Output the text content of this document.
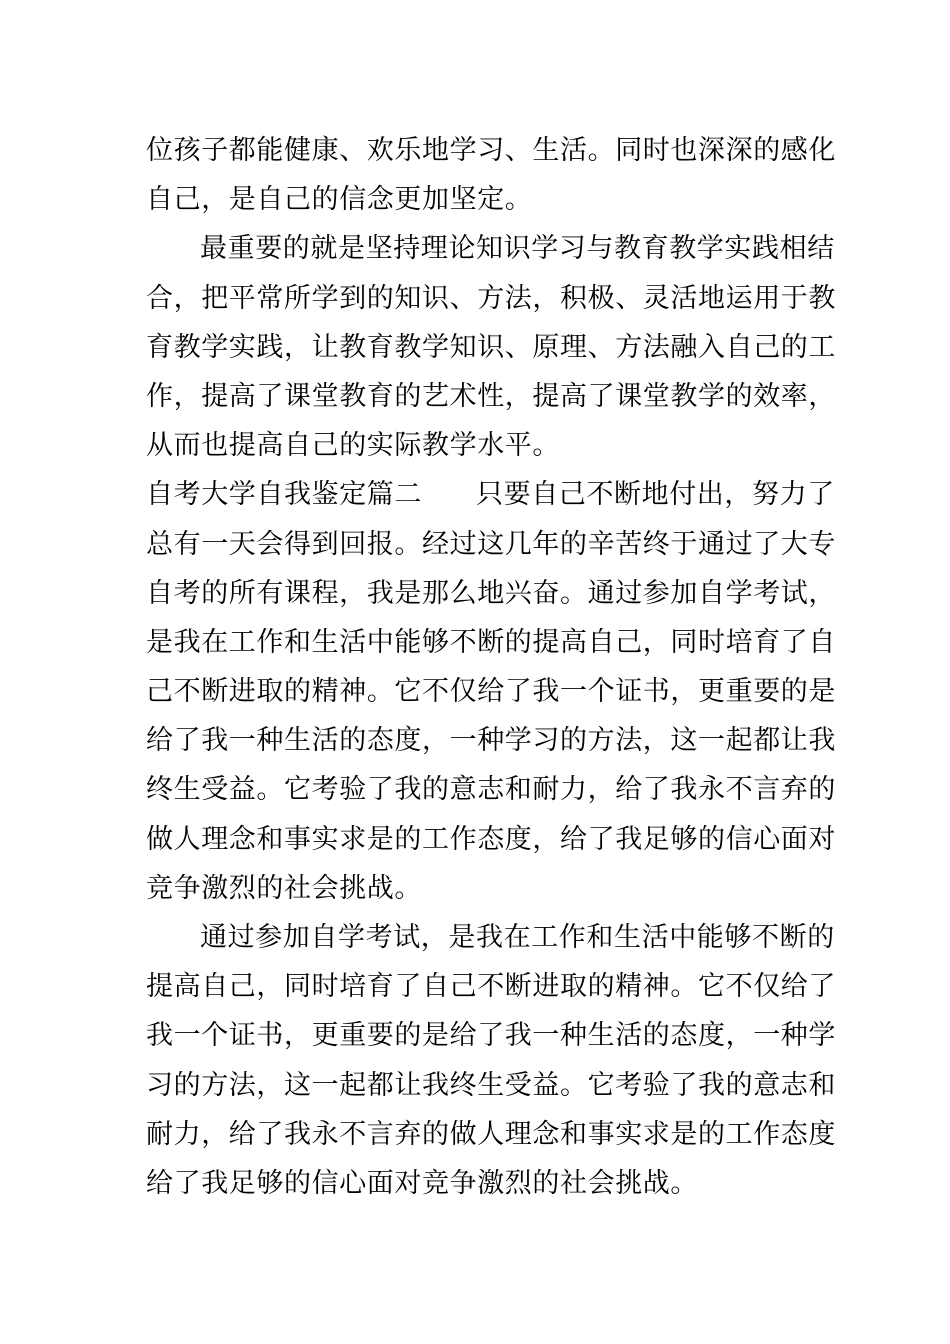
位孩子都能健康、欢乐地学习、生活。同时也深深的感化
自己，是自己的信念更加坚定。
最重要的就是坚持理论知识学习与教育教学实践相结
合，把平常所学到的知识、方法，积极、灵活地运用于教
育教学实践，让教育教学知识、原理、方法融入自己的工
作，提高了课堂教育的艺术性，提高了课堂教学的效率，
从而也提高自己的实际教学水平。
自考大学自我鉴定篇二 只要自己不断地付出，努力了
总有一天会得到回报。经过这几年的辛苦终于通过了大专
自考的所有课程，我是那么地兴奋。通过参加自学考试，
是我在工作和生活中能够不断的提高自己，同时培育了自
己不断进取的精神。它不仅给了我一个证书，更重要的是
给了我一种生活的态度，一种学习的方法，这一起都让我
终生受益。它考验了我的意志和耐力，给了我永不言弃的
做人理念和事实求是的工作态度，给了我足够的信心面对
竞争激烈的社会挑战。
通过参加自学考试，是我在工作和生活中能够不断的
提高自己，同时培育了自己不断进取的精神。它不仅给了
我一个证书，更重要的是给了我一种生活的态度，一种学
习的方法，这一起都让我终生受益。它考验了我的意志和
耐力，给了我永不言弃的做人理念和事实求是的工作态度
给了我足够的信心面对竞争激烈的社会挑战。
